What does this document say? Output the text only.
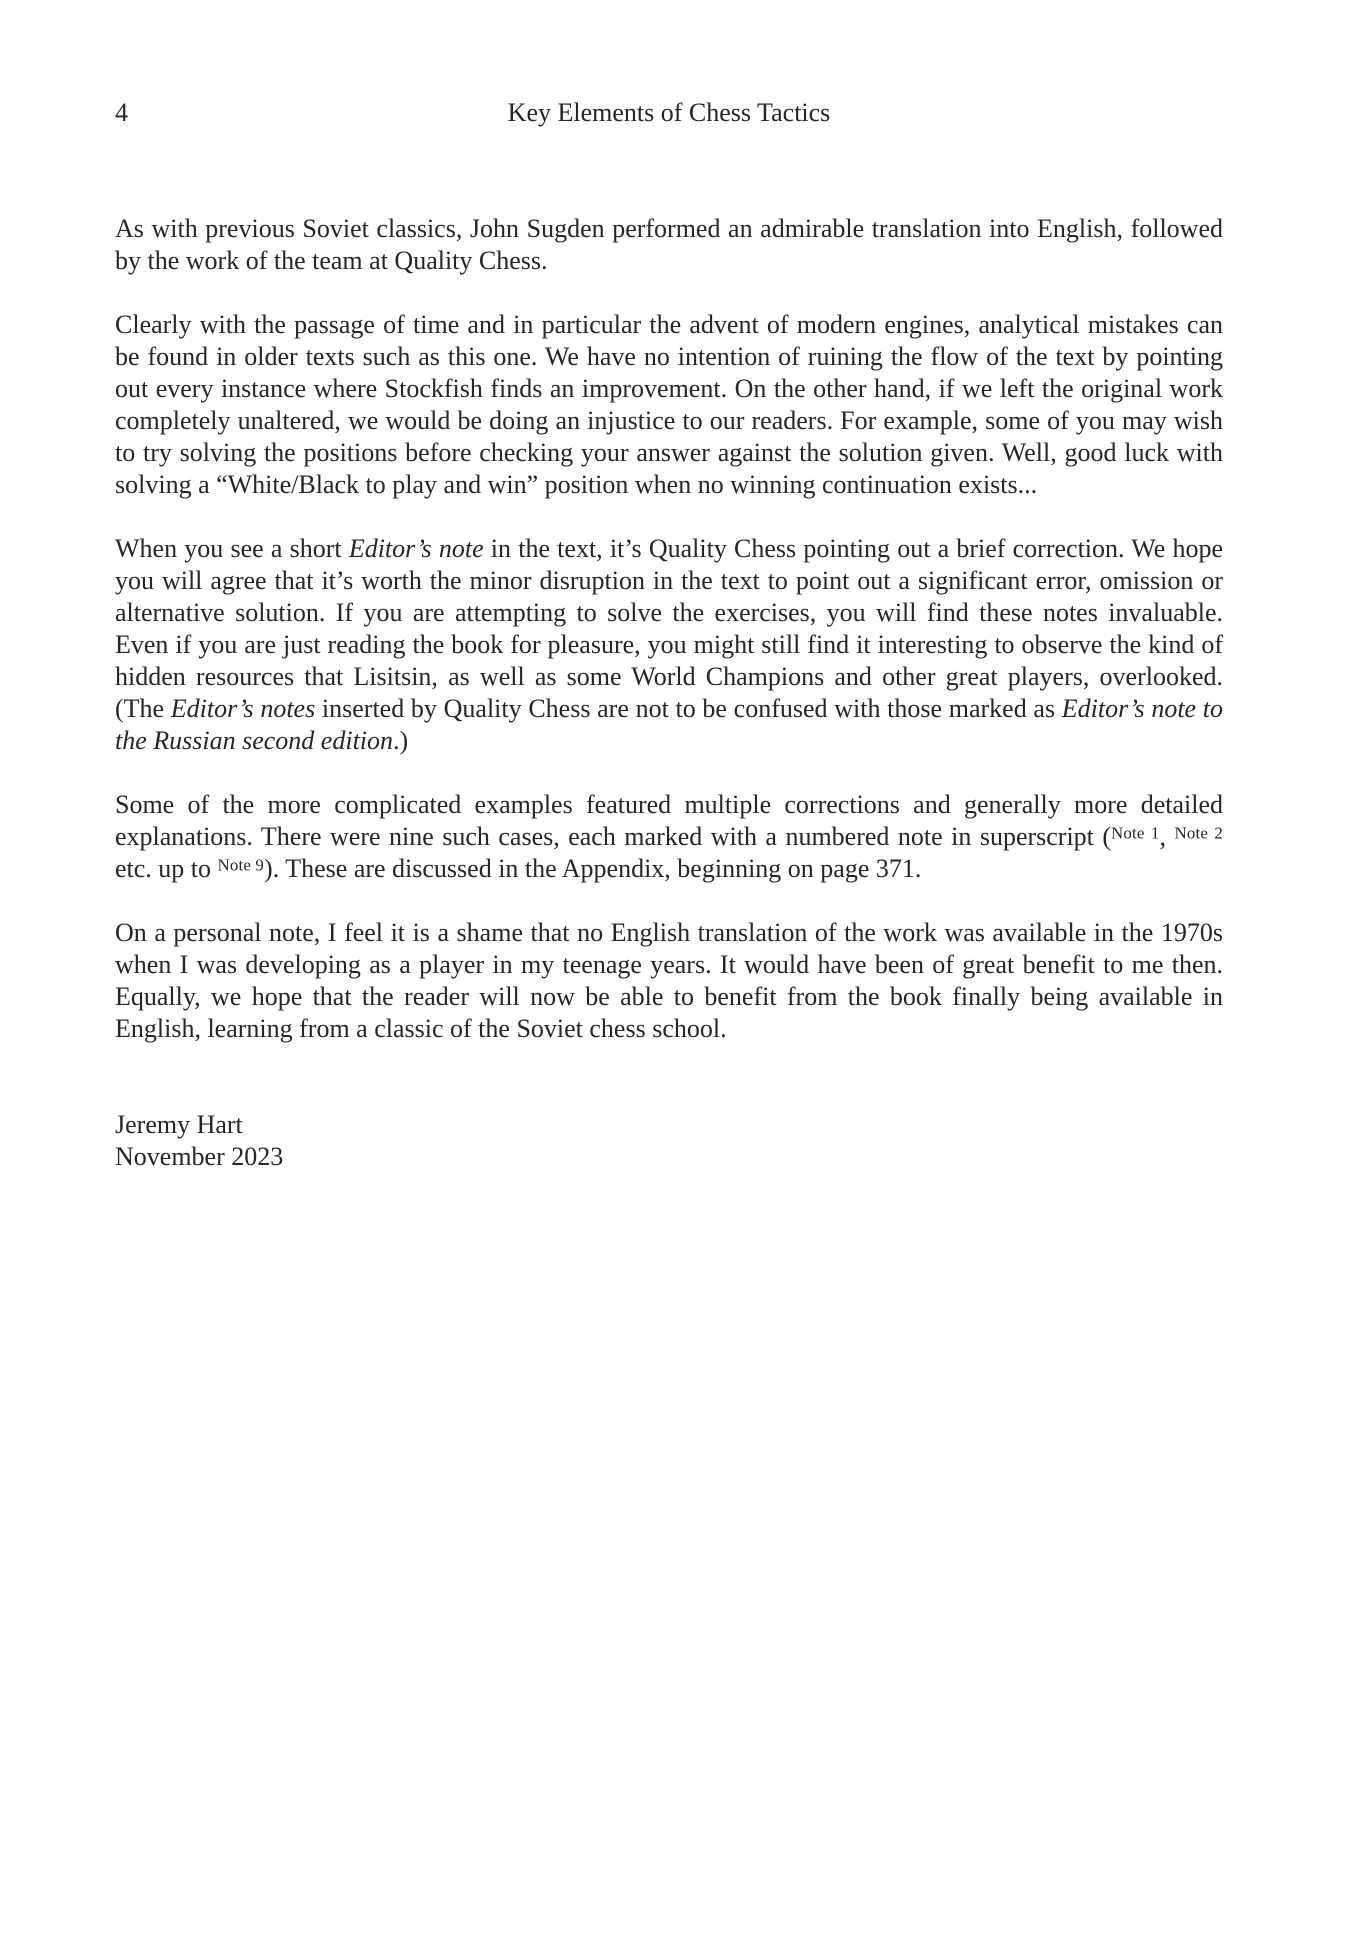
4	Key Elements of Chess Tactics

As with previous Soviet classics, John Sugden performed an admirable translation into English, followed by the work of the team at Quality Chess.

Clearly with the passage of time and in particular the advent of modern engines, analytical mistakes can be found in older texts such as this one. We have no intention of ruining the flow of the text by pointing out every instance where Stockfish finds an improvement. On the other hand, if we left the original work completely unaltered, we would be doing an injustice to our readers. For example, some of you may wish to try solving the positions before checking your answer against the solution given. Well, good luck with solving a “White/Black to play and win” position when no winning continuation exists...

When you see a short Editor’s note in the text, it’s Quality Chess pointing out a brief correction. We hope you will agree that it’s worth the minor disruption in the text to point out a significant error, omission or alternative solution. If you are attempting to solve the exercises, you will find these notes invaluable. Even if you are just reading the book for pleasure, you might still find it interesting to observe the kind of hidden resources that Lisitsin, as well as some World Champions and other great players, overlooked. (The Editor’s notes inserted by Quality Chess are not to be confused with those marked as Editor’s note to the Russian second edition.)

Some of the more complicated examples featured multiple corrections and generally more detailed explanations. There were nine such cases, each marked with a numbered note in superscript ($^{Note 1}$, $^{Note 2}$ etc. up to $^{Note 9}$). These are discussed in the Appendix, beginning on page 371.

On a personal note, I feel it is a shame that no English translation of the work was available in the 1970s when I was developing as a player in my teenage years. It would have been of great benefit to me then. Equally, we hope that the reader will now be able to benefit from the book finally being available in English, learning from a classic of the Soviet chess school.

Jeremy Hart
November 2023
